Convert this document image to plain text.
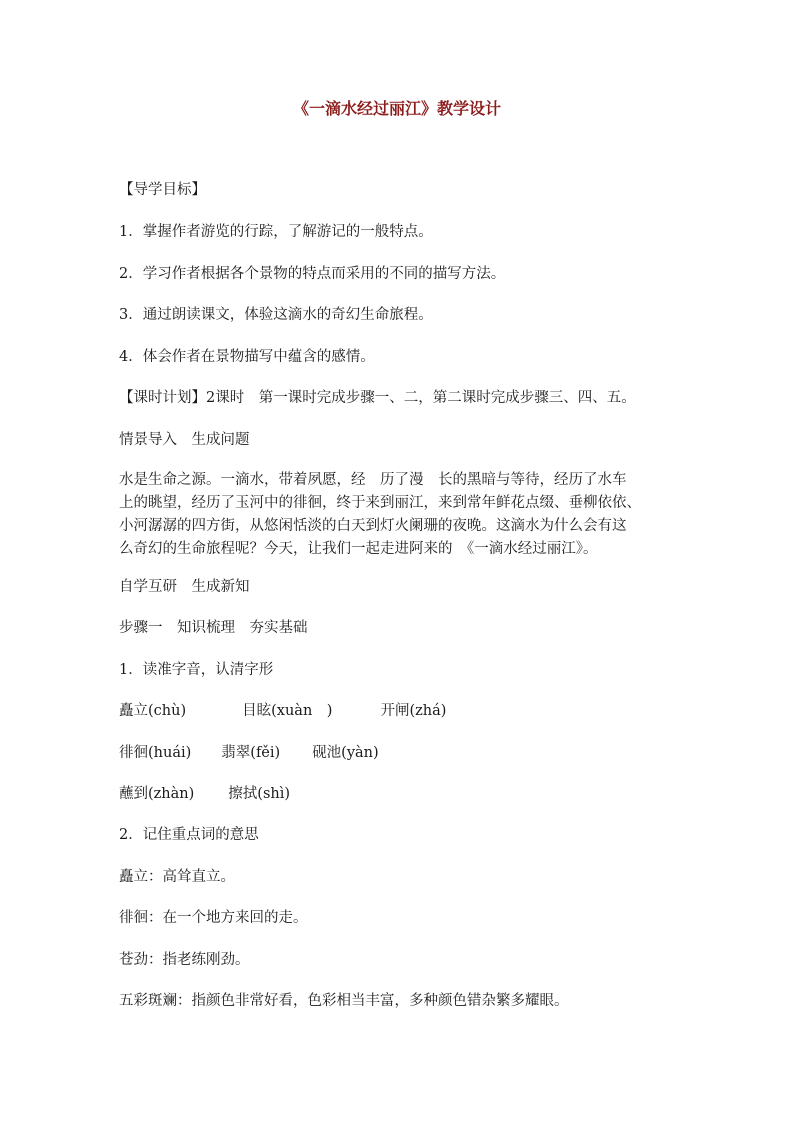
《一滴水经过丽江》教学设计
【导学目标】
1．掌握作者游览的行踪，了解游记的一般特点。
2．学习作者根据各个景物的特点而采用的不同的描写方法。
3．通过朗读课文，体验这滴水的奇幻生命旅程。
4．体会作者在景物描写中蕴含的感情。
【课时计划】2课时　第一课时完成步骤一、二，第二课时完成步骤三、四、五。
情景导入　生成问题
水是生命之源。一滴水，带着夙愿，经　历了漫　长的黑暗与等待，经历了水车
上的眺望，经历了玉河中的徘徊，终于来到丽江，来到常年鲜花点缀、垂柳依依、
小河潺潺的四方街，从悠闲恬淡的白天到灯火阑珊的夜晚。这滴水为什么会有这
么奇幻的生命旅程呢？今天，让我们一起走进阿来的　《一滴水经过丽江》。
自学互研　生成新知
步骤一　知识梳理　夯实基础
1．读准字音，认清字形
矗立(chù)	目眩(xuàn　)	开闸(zhá)
徘徊(huái) 翡翠(fěi) 砚池(yàn)
蘸到(zhàn) 擦拭(shì)
2．记住重点词的意思
矗立：高耸直立。
徘徊：在一个地方来回的走。
苍劲：指老练刚劲。
五彩斑斓：指颜色非常好看，色彩相当丰富，多种颜色错杂繁多耀眼。
